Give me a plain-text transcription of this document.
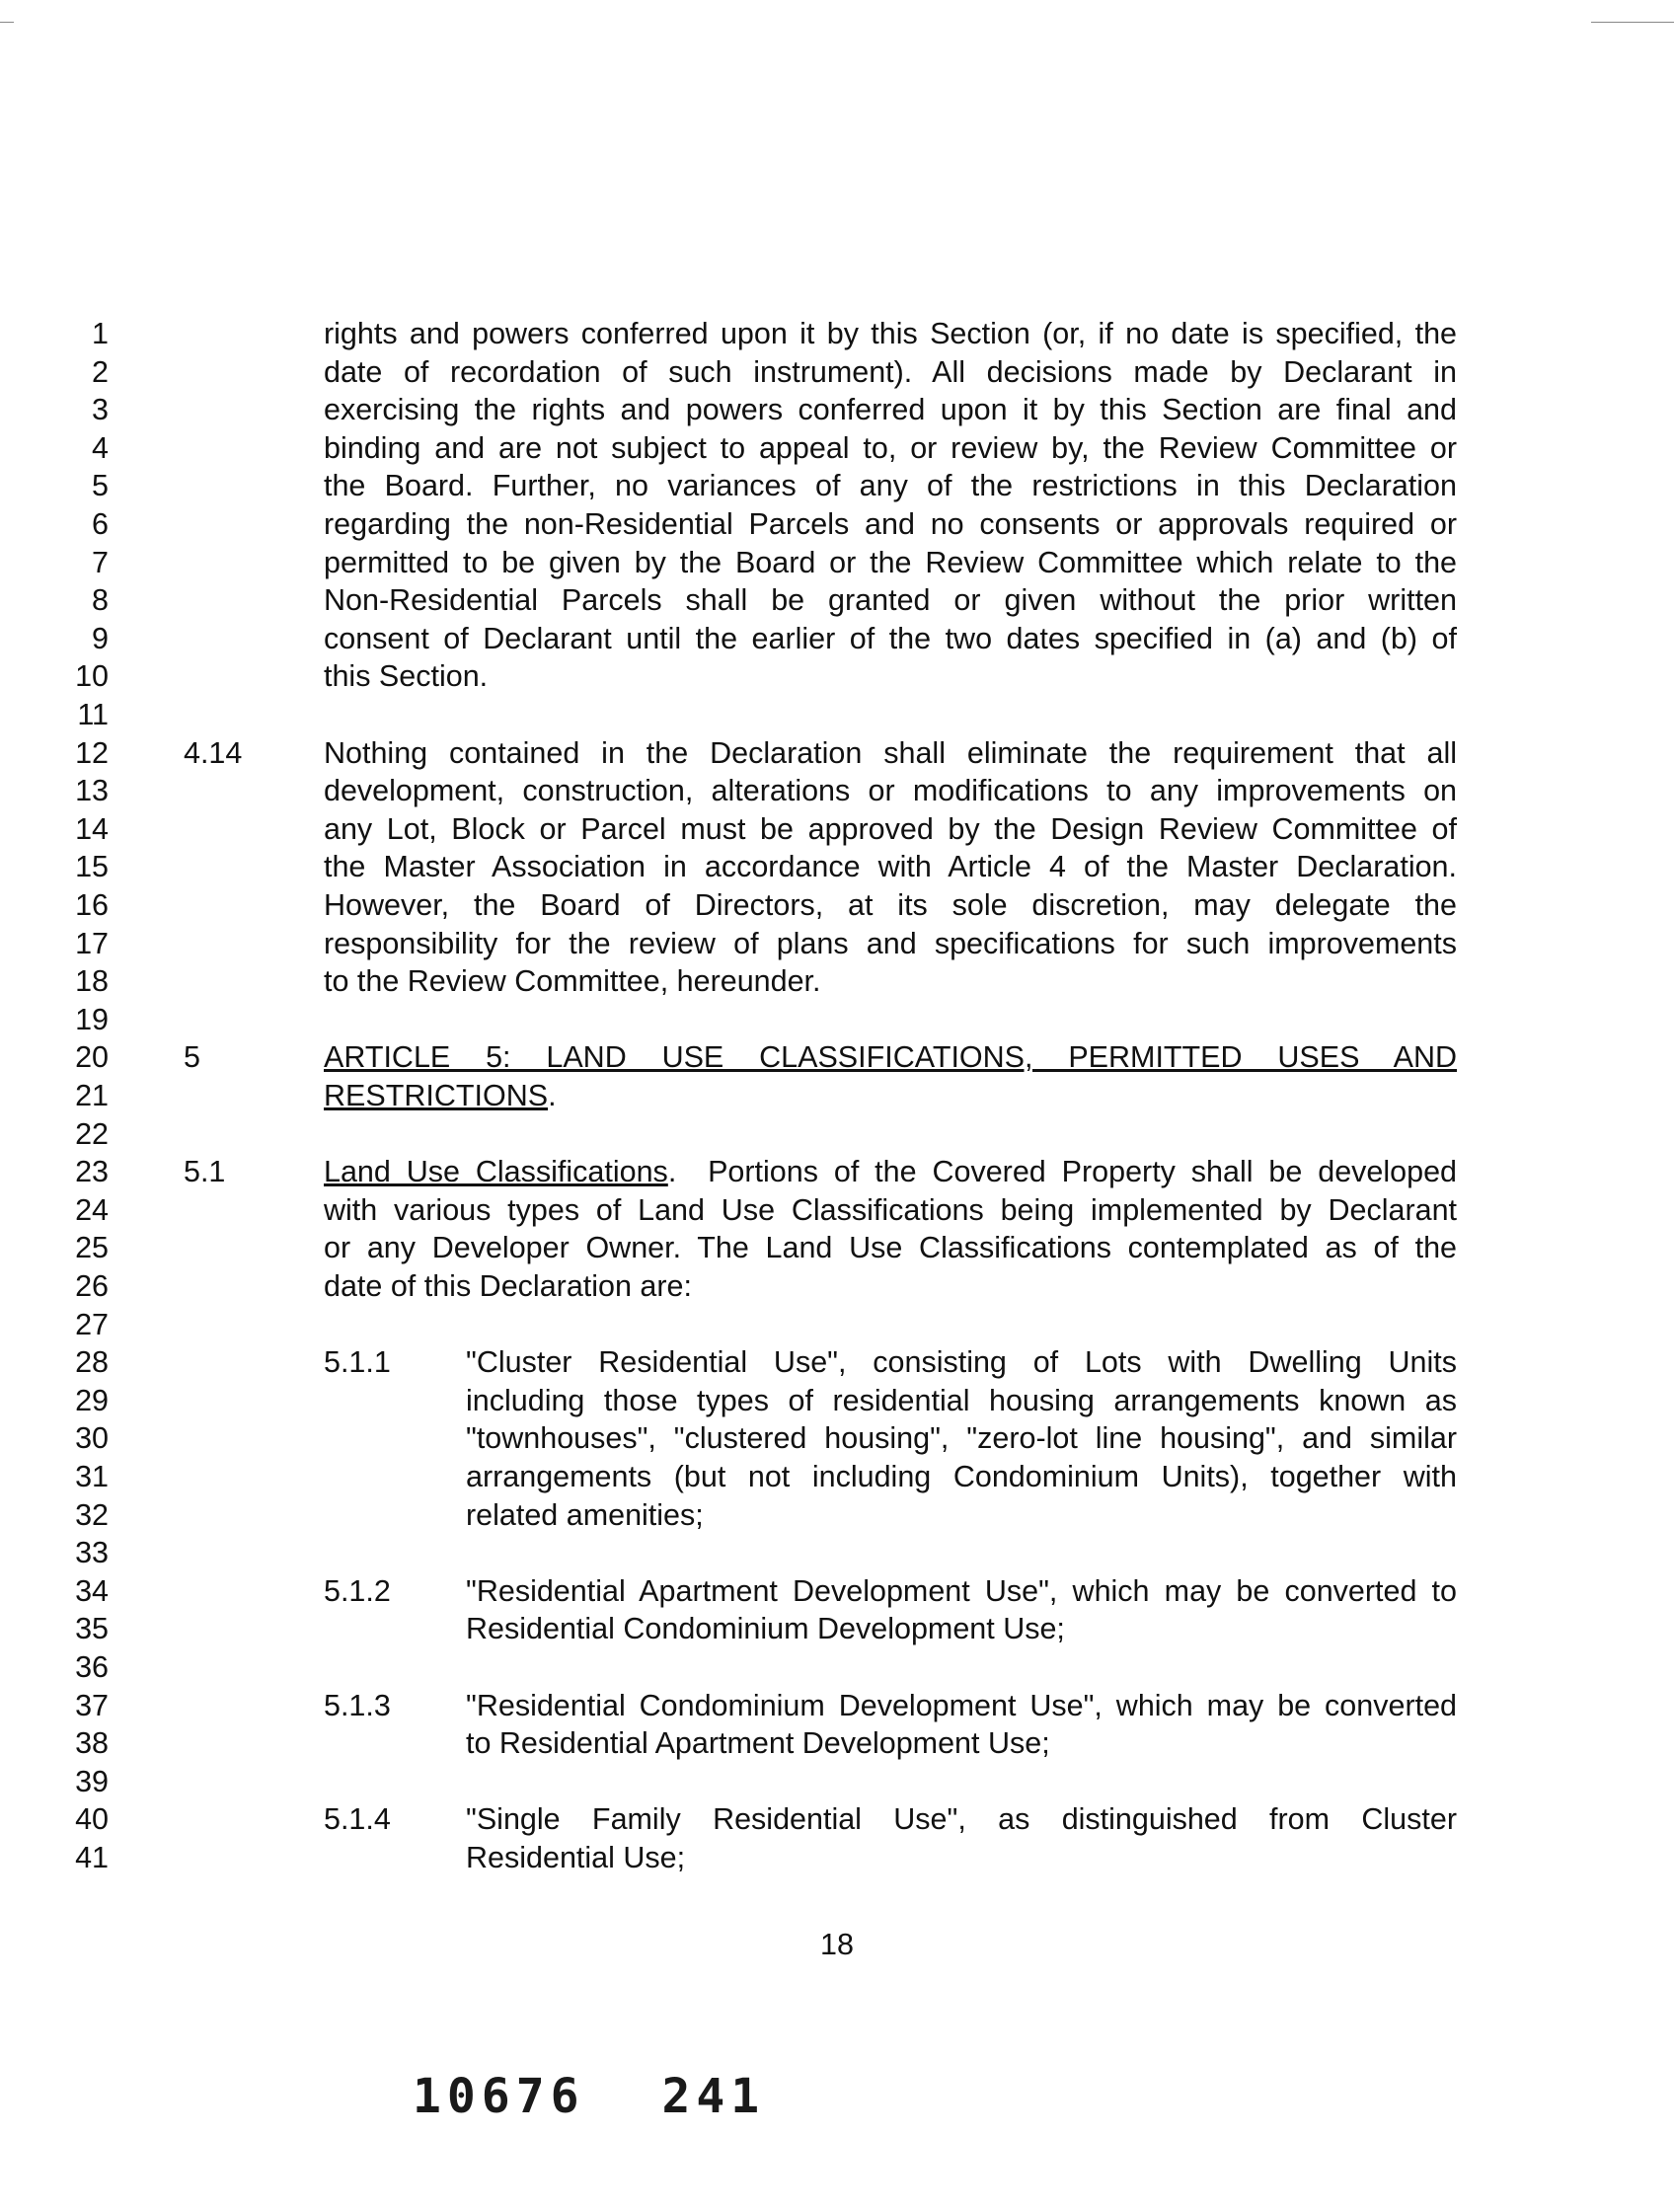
1	rights and powers conferred upon it by this Section (or, if no date is specified, the
2	date of recordation of such instrument). All decisions made by Declarant in
3	exercising the rights and powers conferred upon it by this Section are final and
4	binding and are not subject to appeal to, or review by, the Review Committee or
5	the Board. Further, no variances of any of the restrictions in this Declaration
6	regarding the non-Residential Parcels and no consents or approvals required or
7	permitted to be given by the Board or the Review Committee which relate to the
8	Non-Residential Parcels shall be granted or given without the prior written
9	consent of Declarant until the earlier of the two dates specified in (a) and (b) of
10	this Section.
11
12 4.14	Nothing contained in the Declaration shall eliminate the requirement that all
13	development, construction, alterations or modifications to any improvements on
14	any Lot, Block or Parcel must be approved by the Design Review Committee of
15	the Master Association in accordance with Article 4 of the Master Declaration.
16	However, the Board of Directors, at its sole discretion, may delegate the
17	responsibility for the review of plans and specifications for such improvements
18	to the Review Committee, hereunder.
19
20 5	ARTICLE 5: LAND USE CLASSIFICATIONS, PERMITTED USES AND
21	RESTRICTIONS.
22
23 5.1	Land Use Classifications.  Portions of the Covered Property shall be developed
24	with various types of Land Use Classifications being implemented by Declarant
25	or any Developer Owner. The Land Use Classifications contemplated as of the
26	date of this Declaration are:
27
28	5.1.1 "Cluster Residential Use", consisting of Lots with Dwelling Units
29	including those types of residential housing arrangements known as
30	"townhouses", "clustered housing", "zero-lot line housing", and similar
31	arrangements (but not including Condominium Units), together with
32	related amenities;
33
34	5.1.2 "Residential Apartment Development Use", which may be converted to
35	Residential Condominium Development Use;
36
37	5.1.3 "Residential Condominium Development Use", which may be converted
38	to Residential Apartment Development Use;
39
40	5.1.4 "Single Family Residential Use", as distinguished from Cluster
41	Residential Use;
18
10676 241
